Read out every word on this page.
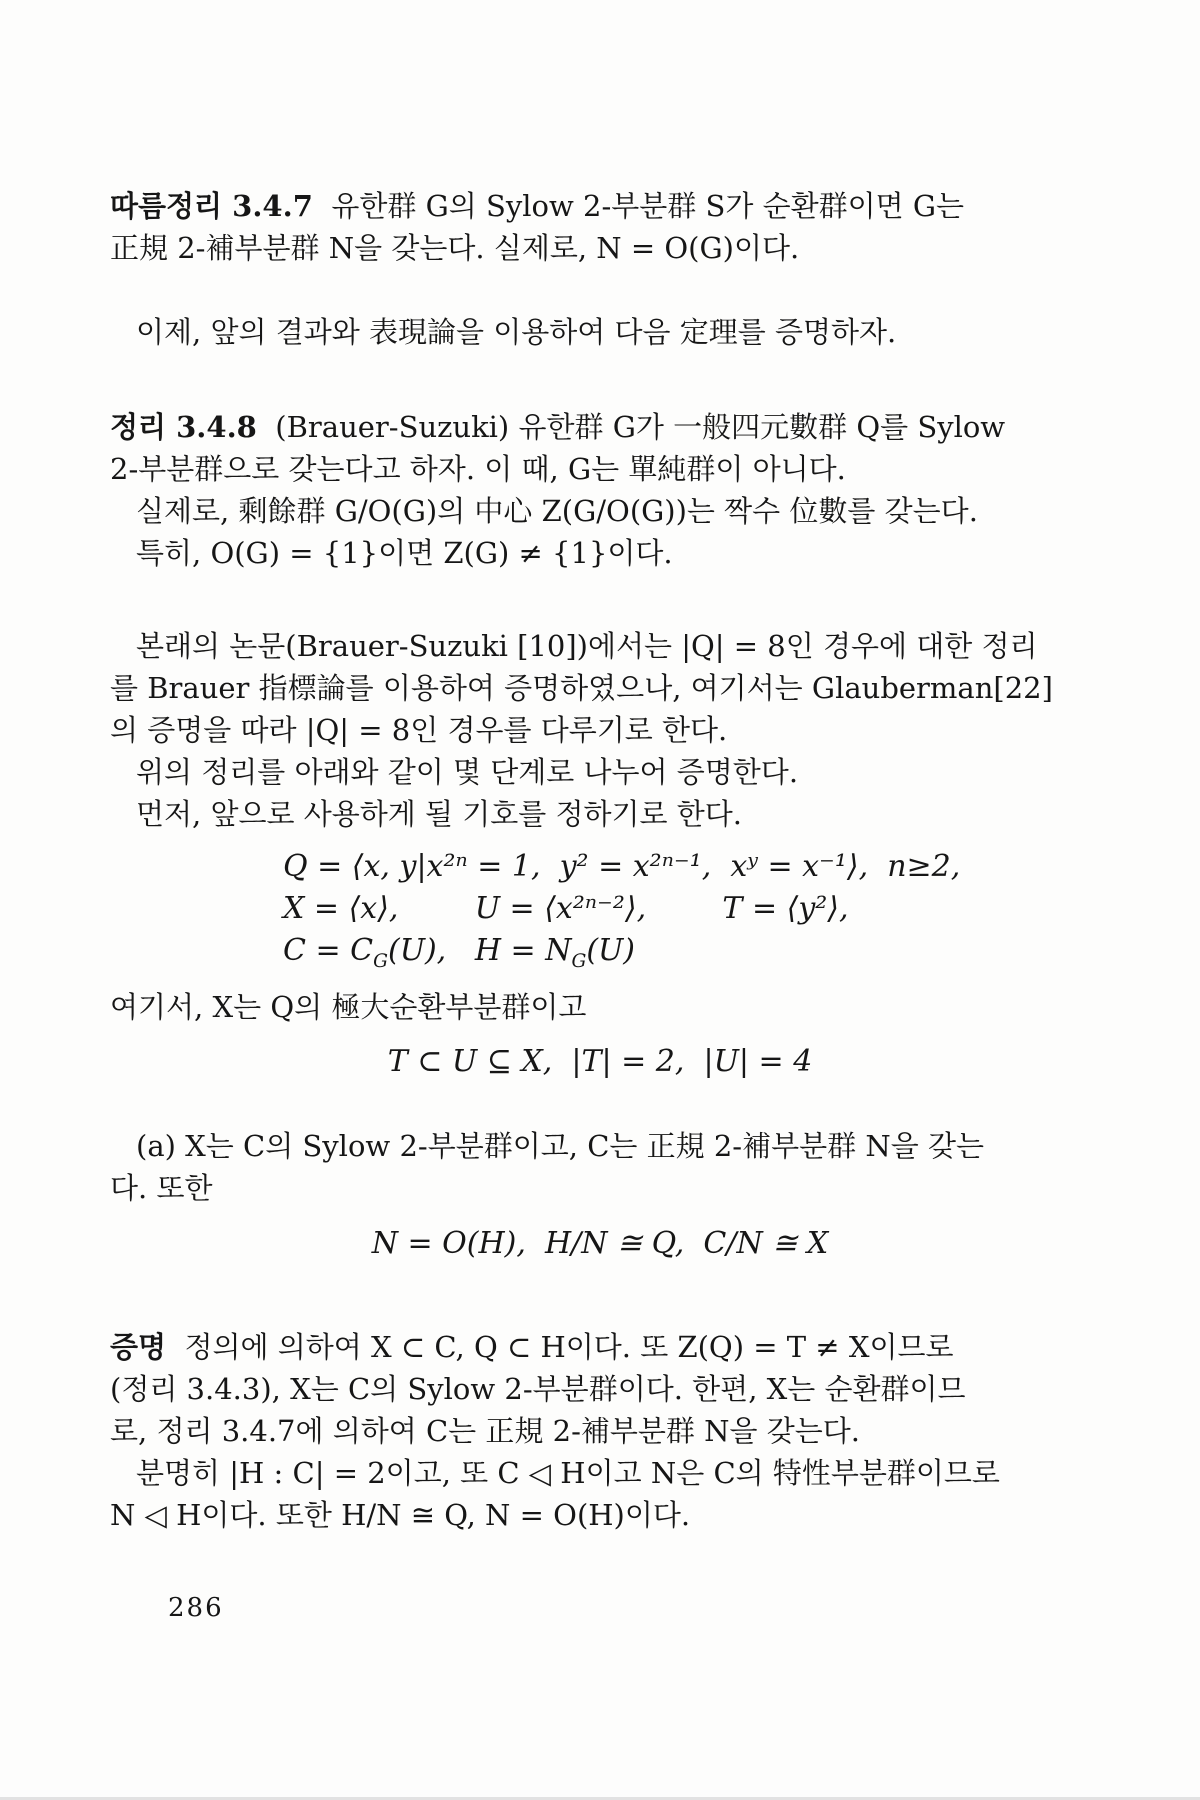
따름정리 3.4.7  유한群 G의 Sylow 2-부분群 S가 순환群이면 G는
正規 2-補부분群 N을 갖는다. 실제로, N = O(G)이다.
이제, 앞의 결과와 表現論을 이용하여 다음 定理를 증명하자.
정리 3.4.8  (Brauer-Suzuki) 유한群 G가 一般四元數群 Q를 Sylow
2-부분群으로 갖는다고 하자. 이 때, G는 單純群이 아니다.
실제로, 剩餘群 G/O(G)의 中心 Z(G/O(G))는 짝수 位數를 갖는다.
특히, O(G) = {1}이면 Z(G) ≠ {1}이다.
본래의 논문(Brauer-Suzuki [10])에서는 |Q| = 8인 경우에 대한 정리
를 Brauer 指標論를 이용하여 증명하였으나, 여기서는 Glauberman[22]
의 증명을 따라 |Q| = 8인 경우를 다루기로 한다.
위의 정리를 아래와 같이 몇 단계로 나누어 증명한다.
먼저, 앞으로 사용하게 될 기호를 정하기로 한다.
Q = ⟨x, y|x²ⁿ = 1,  y² = x²ⁿ⁻¹,  xʸ = x⁻¹⟩,  n≥2,
X = ⟨x⟩,        U = ⟨x²ⁿ⁻²⟩,        T = ⟨y²⟩,
$C = C_G(U)$,   $H = N_G(U)$
여기서, X는 Q의 極大순환부분群이고
T ⊂ U ⊆ X,  |T| = 2,  |U| = 4
(a) X는 C의 Sylow 2-부분群이고, C는 正規 2-補부분群 N을 갖는
다. 또한
N = O(H),  H/N ≅ Q,  C/N ≅ X
증명  정의에 의하여 X ⊂ C, Q ⊂ H이다. 또 Z(Q) = T ≠ X이므로
(정리 3.4.3), X는 C의 Sylow 2-부분群이다. 한편, X는 순환群이므
로, 정리 3.4.7에 의하여 C는 正規 2-補부분群 N을 갖는다.
분명히 |H : C| = 2이고, 또 C ◁ H이고 N은 C의 特性부분群이므로
N ◁ H이다. 또한 H/N ≅ Q, N = O(H)이다.
286
